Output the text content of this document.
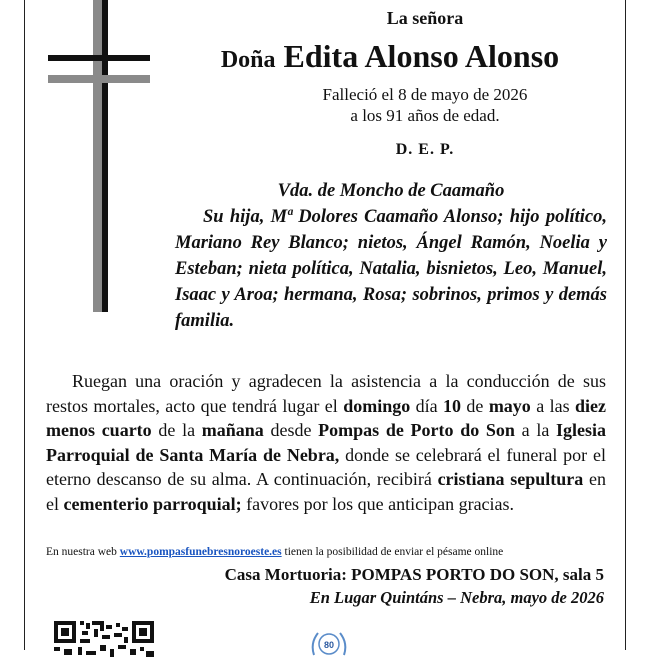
La señora
Doña Edita Alonso Alonso
Falleció el 8 de mayo de 2026
a los 91 años de edad.
D. E. P.
Vda. de Moncho de Caamaño
Su hija, Mª Dolores Caamaño Alonso; hijo político, Mariano Rey Blanco; nietos, Ángel Ramón, Noelia y Esteban; nieta política, Natalia, bisnietos, Leo, Manuel, Isaac y Aroa; hermana, Rosa; sobrinos, primos y demás familia.
Ruegan una oración y agradecen la asistencia a la conducción de sus restos mortales, acto que tendrá lugar el domingo día 10 de mayo a las diez menos cuarto de la mañana desde Pompas de Porto do Son a la Iglesia Parroquial de Santa María de Nebra, donde se celebrará el funeral por el eterno descanso de su alma. A continuación, recibirá cristiana sepultura en el cementerio parroquial; favores por los que anticipan gracias.
En nuestra web www.pompasfunebresnoroeste.es tienen la posibilidad de enviar el pésame online
Casa Mortuoria: POMPAS PORTO DO SON, sala 5
En Lugar Quintáns – Nebra, mayo de 2026
80
